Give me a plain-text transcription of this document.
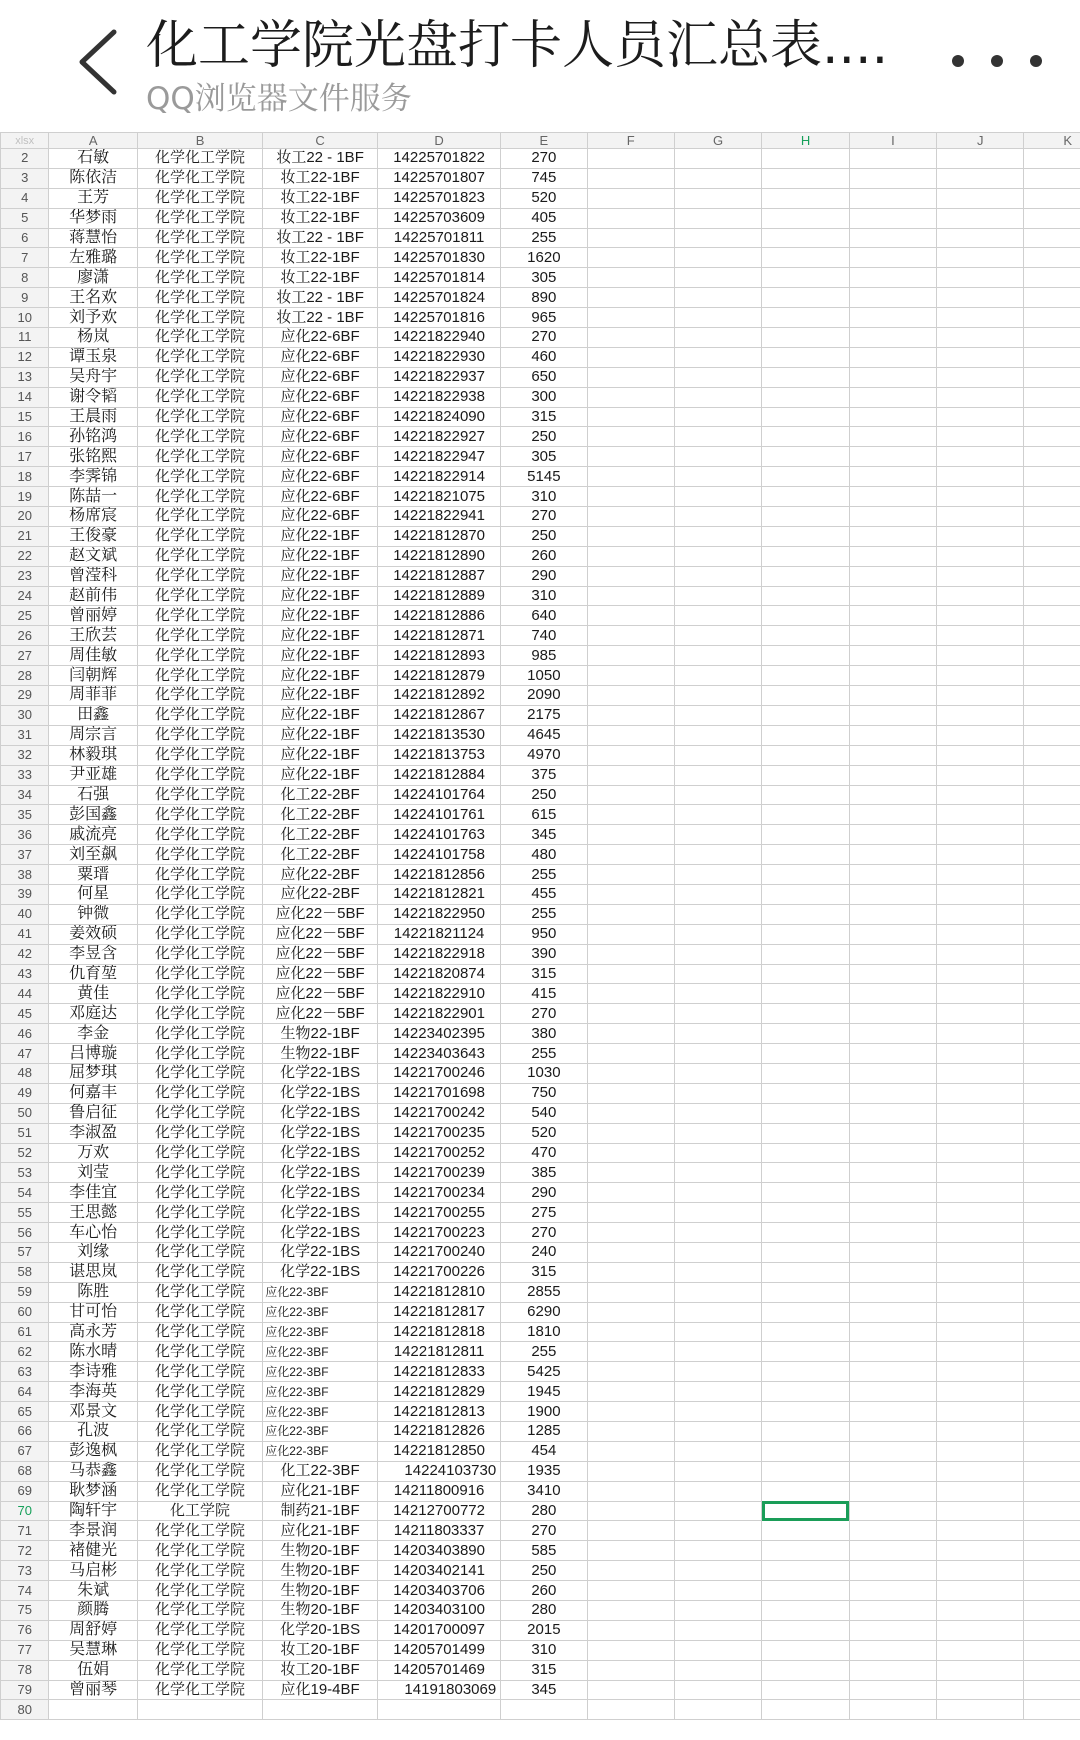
化工学院光盘打卡人员汇总表....
QQ浏览器文件服务
xlsx	A	B	C	D	E	F	G	H	I	J	K
2	石敏	化学化工学院	妆工22 - 1BF	14225701822	270						
3	陈依洁	化学化工学院	妆工22-1BF	14225701807	745						
4	王芳	化学化工学院	妆工22-1BF	14225701823	520						
5	华梦雨	化学化工学院	妆工22-1BF	14225703609	405						
6	蒋慧怡	化学化工学院	妆工22 - 1BF	14225701811	255						
7	左雅璐	化学化工学院	妆工22-1BF	14225701830	1620						
8	廖潇	化学化工学院	妆工22-1BF	14225701814	305						
9	王名欢	化学化工学院	妆工22 - 1BF	14225701824	890						
10	刘予欢	化学化工学院	妆工22 - 1BF	14225701816	965						
11	杨岚	化学化工学院	应化22-6BF	14221822940	270						
12	谭玉泉	化学化工学院	应化22-6BF	14221822930	460						
13	吴舟宇	化学化工学院	应化22-6BF	14221822937	650						
14	谢令韬	化学化工学院	应化22-6BF	14221822938	300						
15	王晨雨	化学化工学院	应化22-6BF	14221824090	315						
16	孙铭鸿	化学化工学院	应化22-6BF	14221822927	250						
17	张铭熙	化学化工学院	应化22-6BF	14221822947	305						
18	李霁锦	化学化工学院	应化22-6BF	14221822914	5145						
19	陈喆一	化学化工学院	应化22-6BF	14221821075	310						
20	杨席宸	化学化工学院	应化22-6BF	14221822941	270						
21	王俊豪	化学化工学院	应化22-1BF	14221812870	250						
22	赵文斌	化学化工学院	应化22-1BF	14221812890	260						
23	曾滢科	化学化工学院	应化22-1BF	14221812887	290						
24	赵前伟	化学化工学院	应化22-1BF	14221812889	310						
25	曾丽婷	化学化工学院	应化22-1BF	14221812886	640						
26	王欣芸	化学化工学院	应化22-1BF	14221812871	740						
27	周佳敏	化学化工学院	应化22-1BF	14221812893	985						
28	闫朝辉	化学化工学院	应化22-1BF	14221812879	1050						
29	周菲菲	化学化工学院	应化22-1BF	14221812892	2090						
30	田鑫	化学化工学院	应化22-1BF	14221812867	2175						
31	周宗言	化学化工学院	应化22-1BF	14221813530	4645						
32	林毅琪	化学化工学院	应化22-1BF	14221813753	4970						
33	尹亚雄	化学化工学院	应化22-1BF	14221812884	375						
34	石强	化学化工学院	化工22-2BF	14224101764	250						
35	彭国鑫	化学化工学院	化工22-2BF	14224101761	615						
36	戚流亮	化学化工学院	化工22-2BF	14224101763	345						
37	刘至飙	化学化工学院	化工22-2BF	14224101758	480						
38	粟瑨	化学化工学院	应化22-2BF	14221812856	255						
39	何星	化学化工学院	应化22-2BF	14221812821	455						
40	钟微	化学化工学院	应化22－5BF	14221822950	255						
41	姜效硕	化学化工学院	应化22－5BF	14221821124	950						
42	李昱含	化学化工学院	应化22－5BF	14221822918	390						
43	仇育堃	化学化工学院	应化22－5BF	14221820874	315						
44	黄佳	化学化工学院	应化22－5BF	14221822910	415						
45	邓庭达	化学化工学院	应化22－5BF	14221822901	270						
46	李金	化学化工学院	生物22-1BF	14223402395	380						
47	吕博璇	化学化工学院	生物22-1BF	14223403643	255						
48	屈梦琪	化学化工学院	化学22-1BS	14221700246	1030						
49	何嘉丰	化学化工学院	化学22-1BS	14221701698	750						
50	鲁启征	化学化工学院	化学22-1BS	14221700242	540						
51	李淑盈	化学化工学院	化学22-1BS	14221700235	520						
52	万欢	化学化工学院	化学22-1BS	14221700252	470						
53	刘莹	化学化工学院	化学22-1BS	14221700239	385						
54	李佳宜	化学化工学院	化学22-1BS	14221700234	290						
55	王思懿	化学化工学院	化学22-1BS	14221700255	275						
56	车心怡	化学化工学院	化学22-1BS	14221700223	270						
57	刘缘	化学化工学院	化学22-1BS	14221700240	240						
58	谌思岚	化学化工学院	化学22-1BS	14221700226	315						
59	陈胜	化学化工学院	应化22-3BF	14221812810	2855						
60	甘可怡	化学化工学院	应化22-3BF	14221812817	6290						
61	高永芳	化学化工学院	应化22-3BF	14221812818	1810						
62	陈水晴	化学化工学院	应化22-3BF	14221812811	255						
63	李诗雅	化学化工学院	应化22-3BF	14221812833	5425						
64	李海英	化学化工学院	应化22-3BF	14221812829	1945						
65	邓景文	化学化工学院	应化22-3BF	14221812813	1900						
66	孔波	化学化工学院	应化22-3BF	14221812826	1285						
67	彭逸枫	化学化工学院	应化22-3BF	14221812850	454						
68	马恭鑫	化学化工学院	化工22-3BF	14224103730	1935						
69	耿梦涵	化学化工学院	应化21-1BF	14211800916	3410						
70	陶轩宇	化工学院	制药21-1BF	14212700772	280						
71	李景润	化学化工学院	应化21-1BF	14211803337	270						
72	褚健光	化学化工学院	生物20-1BF	14203403890	585						
73	马启彬	化学化工学院	生物20-1BF	14203402141	250						
74	朱斌	化学化工学院	生物20-1BF	14203403706	260						
75	颜腾	化学化工学院	生物20-1BF	14203403100	280						
76	周舒婷	化学化工学院	化学20-1BS	14201700097	2015						
77	吴慧琳	化学化工学院	妆工20-1BF	14205701499	310						
78	伍娟	化学化工学院	妆工20-1BF	14205701469	315						
79	曾丽琴	化学化工学院	应化19-4BF	14191803069	345						
80											
